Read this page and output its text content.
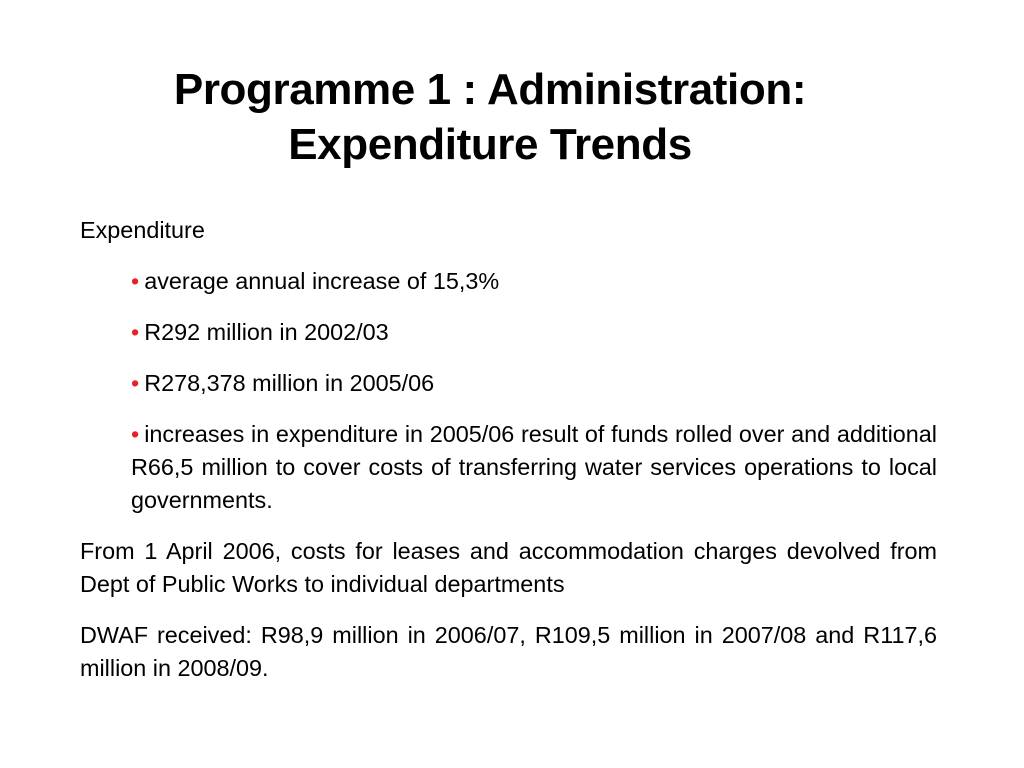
Programme 1 : Administration:
Expenditure Trends
Expenditure
• average annual increase of 15,3%
• R292 million in 2002/03
• R278,378 million in 2005/06
• increases in expenditure in 2005/06 result of funds rolled over and additional R66,5 million to cover costs of transferring water services operations to local governments.

From 1 April 2006, costs for leases and accommodation charges devolved from Dept of Public Works to individual departments

DWAF received: R98,9 million in 2006/07, R109,5 million in 2007/08 and R117,6 million in 2008/09.
